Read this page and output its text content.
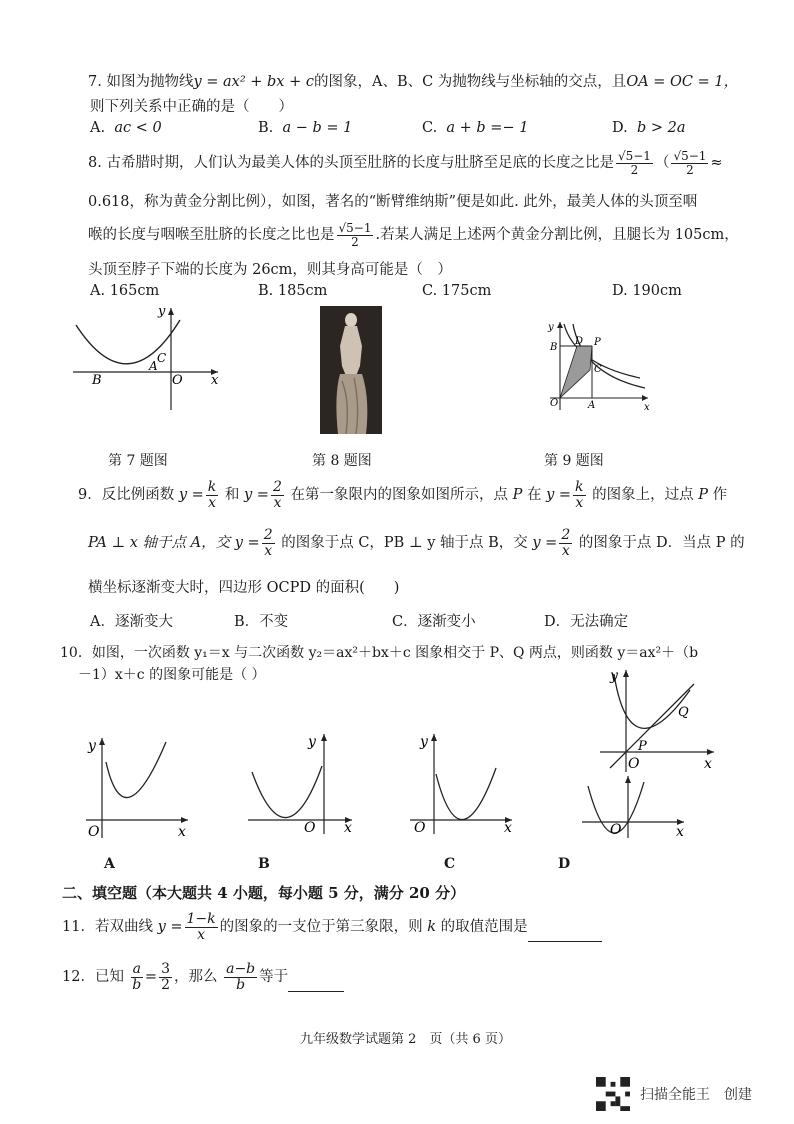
7. 如图为抛物线y = ax² + bx + c的图象，A、B、C 为抛物线与坐标轴的交点，且OA = OC = 1，
则下列关系中正确的是（　　）
A. ac < 0	B. a − b = 1	C. a + b =− 1	D. b > 2a
8. 古希腊时期，人们认为最美人体的头顶至肚脐的长度与肚脐至足底的长度之比是 $\frac{√5-1}{2}$ （ $\frac{√5-1}{2}$ ≈
0.618，称为黄金分割比例），如图，著名的“断臂维纳斯”便是如此. 此外，最美人体的头顶至咽
喉的长度与咽喉至肚脐的长度之比也是 $\frac{√5-1}{2}$ .若某人满足上述两个黄金分割比例，且腿长为 105cm，
头顶至脖子下端的长度为 26cm，则其身高可能是（　）
A. 165cm	B. 185cm	C. 175cm	D. 190cm
x
y
B	O
A
C
x
y
B
D P
C
O	A
第 7 题图	第 8 题图	第 9 题图
9．反比例函数 $y = \frac{k}{x}$ 和 $y = \frac{2}{x}$ 在第一象限内的图象如图所示，点 P 在 $y = \frac{k}{x}$ 的图象上，过点 P 作
PA ⊥ x 轴于点 A，交 $y = \frac{2}{x}$ 的图象于点 C，PB ⊥ y 轴于点 B，交 $y = \frac{2}{x}$ 的图象于点 D．当点 P 的
横坐标逐渐变大时，四边形 OCPD 的面积(　　)
A．逐渐变大	B．不变	C．逐渐变小	D．无法确定
10．如图，一次函数 y₁＝x 与二次函数 y₂＝ax²＋bx＋c 图象相交于 P、Q 两点，则函数 y＝ax²＋（b
－1）x＋c 的图象可能是（ ）
x
y
O
P
Q
x
y
O	x
y
O	x
y
O	x
O
A	B	C	D
二、填空题（本大题共 4 小题，每小题 5 分，满分 20 分）
11．若双曲线 $y = \frac{1-k}{x}$ 的图象的一支位于第三象限，则 k 的取值范围是
12．已知 $\frac{a}{b} = \frac{3}{2}$ ，那么 $\frac{a-b}{b}$ 等于
九年级数学试题第 2　页（共 6 页）
扫描全能王　创建
